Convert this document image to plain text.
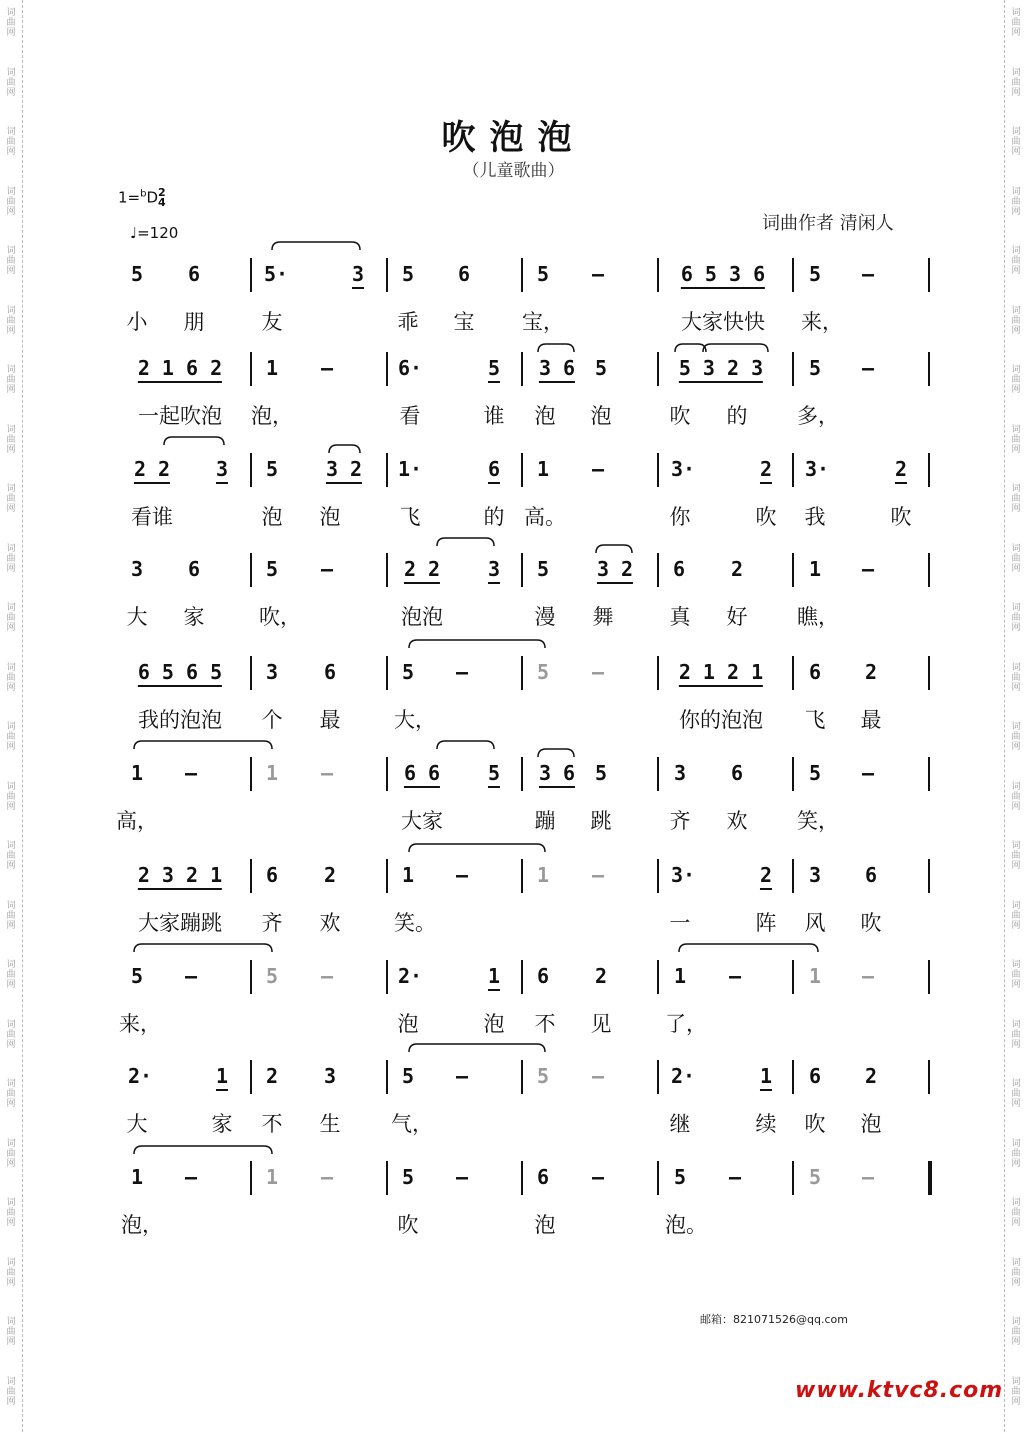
词
曲
网
词
曲
网
词
曲
网
词
曲
网
词
曲
网
词
曲
网
词
曲
网
词
曲
网
词
曲
网
词
曲
网
词
曲
网
词
曲
网
词
曲
网
词
曲
网
词
曲
网
词
曲
网
词
曲
网
词
曲
网
词
曲
网
词
曲
网
词
曲
网
词
曲
网
词
曲
网
词
曲
网
词
曲
网
词
曲
网
词
曲
网
词
曲
网
词
曲
网
词
曲
网
词
曲
网
词
曲
网
词
曲
网
词
曲
网
词
曲
网
词
曲
网
词
曲
网
词
曲
网
词
曲
网
词
曲
网
词
曲
网
词
曲
网
词
曲
网
词
曲
网
词
曲
网
词
曲
网
词
曲
网
词
曲
网
吹泡泡
（儿童歌曲）
1=$^b$D2
4
♩=120	词曲作者 清闲人
5 6	5·	3 5 6	5 –	6 5 3 6 5 –
小 朋	友	乖 宝 宝，	大家快快 来，
2 1 6 2 1 –	6·	5 3 6 5	5 3 2 3 5 –
一起吹泡 泡，	看	谁 泡 泡	吹 的 多，
2 2 3 5 3 2 1·	6 1 –	3·	2 3·	2
看谁	泡 泡	飞	的 高。	你	吹 我	吹
3 6	5 –	2 2 3 5 3 2 6 2	1 –
大 家	吹，	泡泡	漫 舞	真 好 瞧，
6 5 6 5 3 6	5 –	5 –	2 1 2 1 6 2
我的泡泡 个 最	大，	你的泡泡 飞 最
1 –	1 –	6 6 5 3 6 5	3 6	5 –
高，	大家	蹦 跳	齐 欢 笑，
2 3 2 1 6 2	1 –	1 –	3·	2 3 6
大家蹦跳 齐 欢	笑。	一	阵 风 吹
5 –	5 –	2·	1 6 2	1 –	1 –
来，	泡	泡 不 见	了，
2·	1 2 3	5 –	5 –	2·	1 6 2
大	家 不 生 气，	继	续 吹 泡
1 –	1 –	5 –	6 –	5 –	5 –
泡，	吹	泡	泡。
邮箱：821071526@qq.com
www.ktvc8.com
